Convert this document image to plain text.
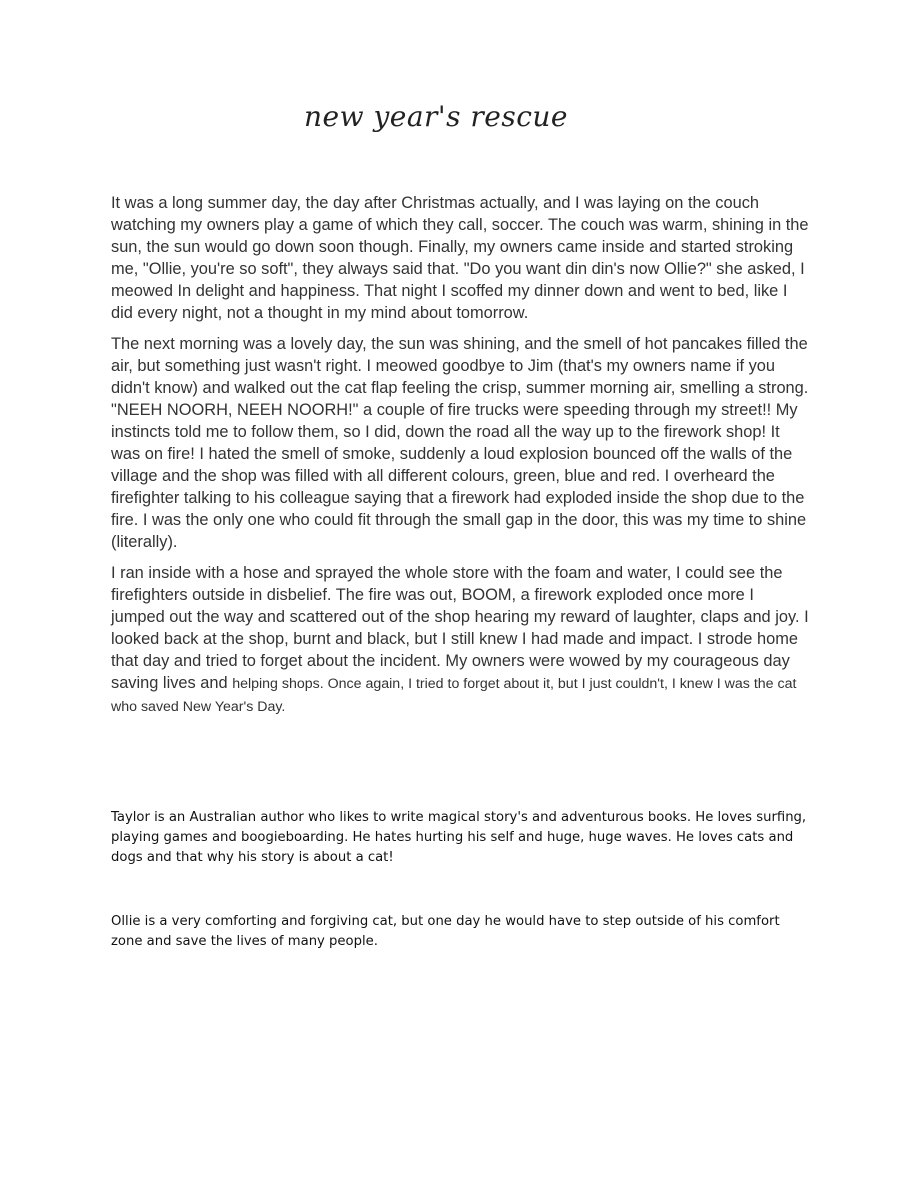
new year's rescue

It was a long summer day, the day after Christmas actually, and I was laying on the couch watching my owners play a game of which they call, soccer. The couch was warm, shining in the sun, the sun would go down soon though. Finally, my owners came inside and started stroking me, "Ollie, you're so soft", they always said that. "Do you want din din's now Ollie?" she asked, I meowed In delight and happiness. That night I scoffed my dinner down and went to bed, like I did every night, not a thought in my mind about tomorrow.

The next morning was a lovely day, the sun was shining, and the smell of hot pancakes filled the air, but something just wasn't right. I meowed goodbye to Jim (that's my owners name if you didn't know) and walked out the cat flap feeling the crisp, summer morning air, smelling a strong. "NEEH NOORH, NEEH NOORH!" a couple of fire trucks were speeding through my street!! My instincts told me to follow them, so I did, down the road all the way up to the firework shop! It was on fire! I hated the smell of smoke, suddenly a loud explosion bounced off the walls of the village and the shop was filled with all different colours, green, blue and red. I overheard the firefighter talking to his colleague saying that a firework had exploded inside the shop due to the fire. I was the only one who could fit through the small gap in the door, this was my time to shine (literally).

I ran inside with a hose and sprayed the whole store with the foam and water, I could see the firefighters outside in disbelief. The fire was out, BOOM, a firework exploded once more I jumped out the way and scattered out of the shop hearing my reward of laughter, claps and joy. I looked back at the shop, burnt and black, but I still knew I had made and impact. I strode home that day and tried to forget about the incident. My owners were wowed by my courageous day saving lives and helping shops. Once again, I tried to forget about it, but I just couldn't, I knew I was the cat who saved New Year's Day.

Taylor is an Australian author who likes to write magical story's and adventurous books. He loves surfing, playing games and boogieboarding. He hates hurting his self and huge, huge waves. He loves cats and dogs and that why his story is about a cat!

Ollie is a very comforting and forgiving cat, but one day he would have to step outside of his comfort zone and save the lives of many people.
